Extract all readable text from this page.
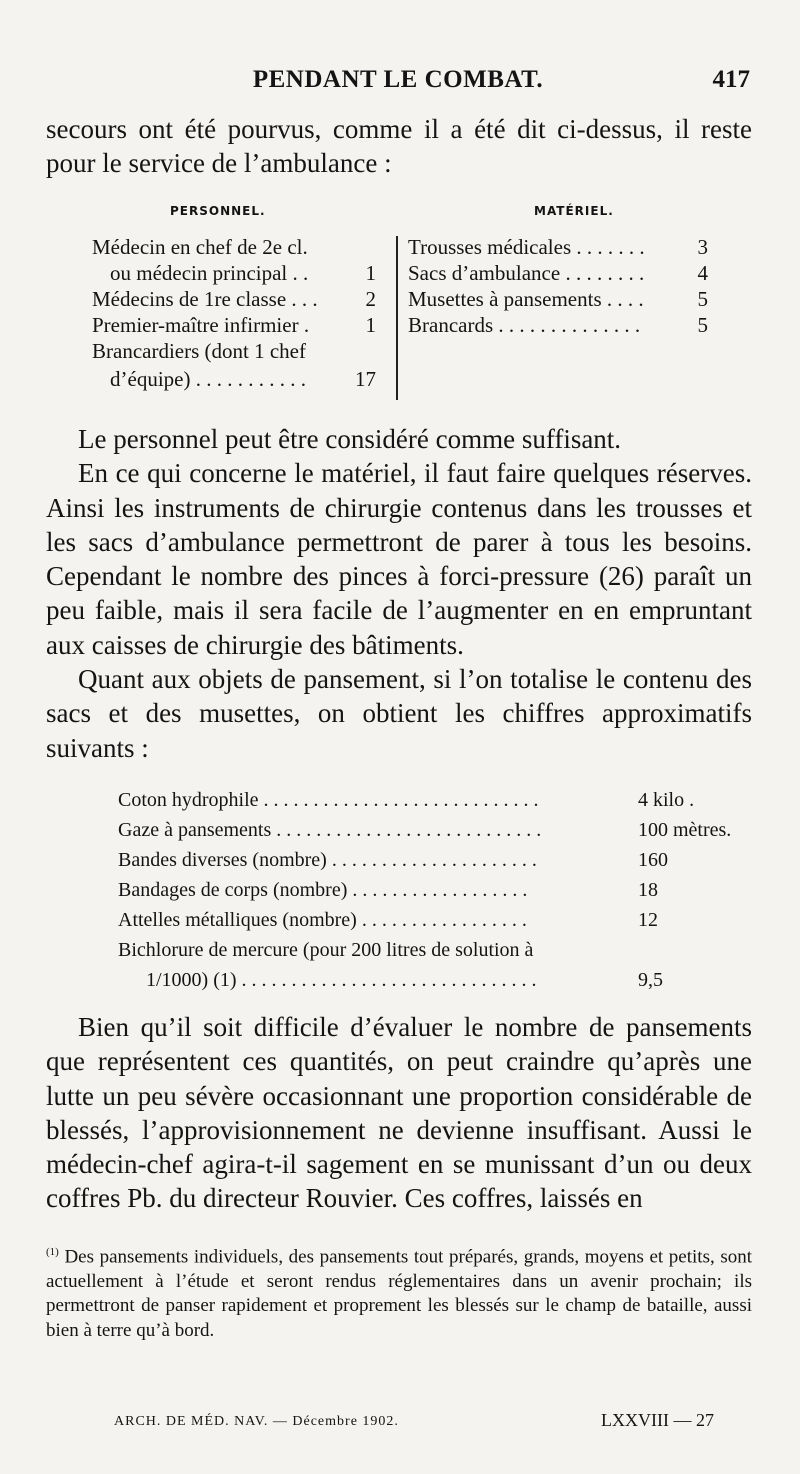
PENDANT LE COMBAT.	417

secours ont été pourvus, comme il a été dit ci-dessus, il reste pour le service de l’ambulance :

PERSONNEL.	MATÉRIEL.
Médecin en chef de 2e cl.
ou médecin principal . .	1
Médecins de 1re classe . . . 2
Premier-maître infirmier .	1
Brancardiers (dont 1 chef
d’équipe) . . . . . . . . . . . 17
Trousses médicales . . . . . . .	3
Sacs d’ambulance . . . . . . . .	4
Musettes à pansements . . . .	5
Brancards . . . . . . . . . . . . . .	5

Le personnel peut être considéré comme suffisant.

En ce qui concerne le matériel, il faut faire quelques réserves. Ainsi les instruments de chirurgie contenus dans les trousses et les sacs d’ambulance permettront de parer à tous les besoins. Cependant le nombre des pinces à forci-pressure (26) paraît un peu faible, mais il sera facile de l’augmenter en en empruntant aux caisses de chirurgie des bâtiments.

Quant aux objets de pansement, si l’on totalise le contenu des sacs et des musettes, on obtient les chiffres approximatifs suivants :

Coton hydrophile . . . . . . . . . . . . . . . . . . . . . . . . . . . .	4 kilo .
Gaze à pansements . . . . . . . . . . . . . . . . . . . . . . . . . . .	100 mètres.
Bandes diverses (nombre) . . . . . . . . . . . . . . . . . . . . .	160
Bandages de corps (nombre) . . . . . . . . . . . . . . . . . .	18
Attelles métalliques (nombre) . . . . . . . . . . . . . . . . .	12
Bichlorure de mercure (pour 200 litres de solution à
1/1000) (1) . . . . . . . . . . . . . . . . . . . . . . . . . . . . . .	9,5

Bien qu’il soit difficile d’évaluer le nombre de pansements que représentent ces quantités, on peut craindre qu’après une lutte un peu sévère occasionnant une proportion considérable de blessés, l’approvisionnement ne devienne insuffisant. Aussi le médecin-chef agira-t-il sagement en se munissant d’un ou deux coffres Pb. du directeur Rouvier. Ces coffres, laissés en

$^{(1)}$ Des pansements individuels, des pansements tout préparés, grands, moyens et petits, sont actuellement à l’étude et seront rendus réglementaires dans un avenir prochain; ils permettront de panser rapidement et proprement les blessés sur le champ de bataille, aussi bien à terre qu’à bord.
ARCH. DE MÉD. NAV. — Décembre 1902.	LXXVIII — 27
